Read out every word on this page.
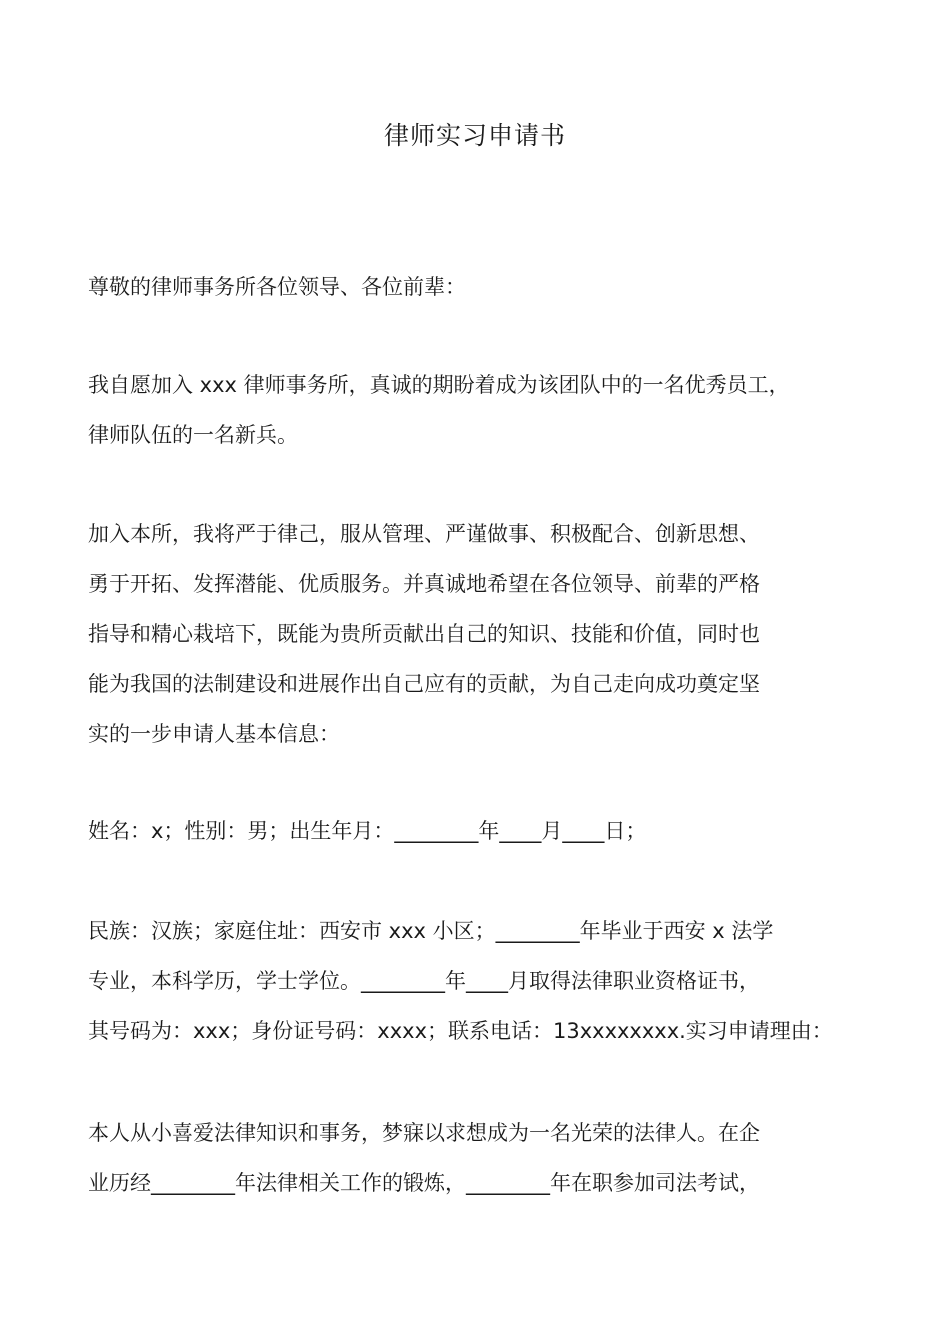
律师实习申请书

尊敬的律师事务所各位领导、各位前辈：

我自愿加入 xxx 律师事务所，真诚的期盼着成为该团队中的一名优秀员工，
律师队伍的一名新兵。

加入本所，我将严于律己，服从管理、严谨做事、积极配合、创新思想、
勇于开拓、发挥潜能、优质服务。并真诚地希望在各位领导、前辈的严格
指导和精心栽培下，既能为贵所贡献出自己的知识、技能和价值，同时也
能为我国的法制建设和进展作出自己应有的贡献，为自己走向成功奠定坚
实的一步申请人基本信息：

姓名：x；性别：男；出生年月：________年____月____日；

民族：汉族；家庭住址：西安市 xxx 小区；________年毕业于西安 x 法学
专业，本科学历，学士学位。________年____月取得法律职业资格证书，
其号码为：xxx；身份证号码：xxxx；联系电话：13xxxxxxxx.实习申请理由：

本人从小喜爱法律知识和事务，梦寐以求想成为一名光荣的法律人。在企
业历经________年法律相关工作的锻炼，________年在职参加司法考试，
